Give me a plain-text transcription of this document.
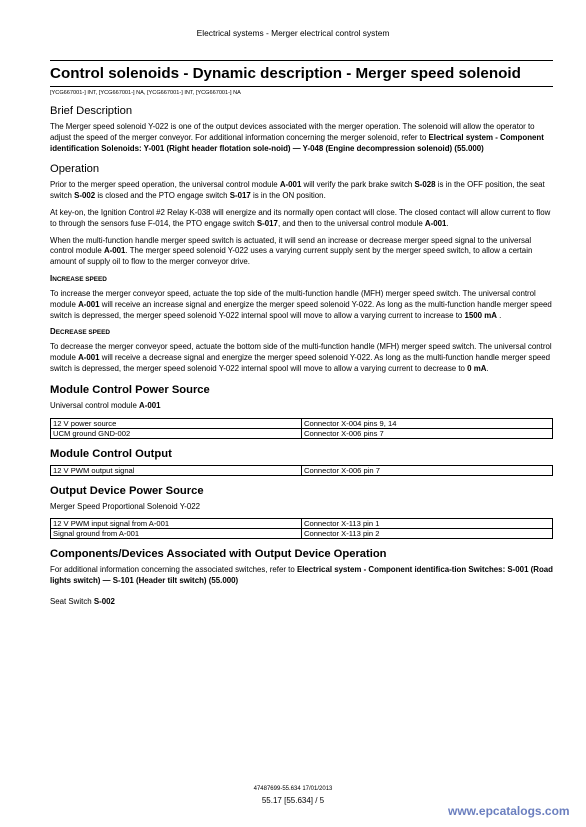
Electrical systems - Merger electrical control system
Control solenoids - Dynamic description - Merger speed solenoid
[YCG667001-] INT, [YCG667001-] NA, [YCG667001-] INT, [YCG667001-] NA
Brief Description

The Merger speed solenoid Y-022 is one of the output devices associated with the merger operation. The solenoid will allow the operator to adjust the speed of the merger conveyor. For additional information concerning the merger solenoid, refer to Electrical system - Component identification Solenoids: Y-001 (Right header flotation sole-noid) — Y-048 (Engine decompression solenoid) (55.000)

Operation

Prior to the merger speed operation, the universal control module A-001 will verify the park brake switch S-028 is in the OFF position, the seat switch S-002 is closed and the PTO engage switch S-017 is in the ON position.

At key-on, the Ignition Control #2 Relay K-038 will energize and its normally open contact will close. The closed contact will allow current to flow to through the sensors fuse F-014, the PTO engage switch S-017, and then to the universal control module A-001.

When the multi-function handle merger speed switch is actuated, it will send an increase or decrease merger speed signal to the universal control module A-001. The merger speed solenoid Y-022 uses a varying current supply sent by the merger speed switch, to allow a certain amount of supply oil to flow to the merger conveyor drive.

INCREASE SPEED

To increase the merger conveyor speed, actuate the top side of the multi-function handle (MFH) merger speed switch. The universal control module A-001 will receive an increase signal and energize the merger speed solenoid Y-022. As long as the multi-function handle merger speed switch is depressed, the merger speed solenoid Y-022 internal spool will move to allow a varying current to increase to 1500 mA .

DECREASE SPEED

To decrease the merger conveyor speed, actuate the bottom side of the multi-function handle (MFH) merger speed switch. The universal control module A-001 will receive a decrease signal and energize the merger speed solenoid Y-022. As long as the multi-function handle merger speed switch is depressed, the merger speed solenoid Y-022 internal spool will move to allow a varying current to decrease to 0 mA.

Module Control Power Source

Universal control module A-001

12 V power source	Connector X-004 pins 9, 14
UCM ground GND-002	Connector X-006 pins 7
Module Control Output
12 V PWM output signal	Connector X-006 pin 7
Output Device Power Source

Merger Speed Proportional Solenoid Y-022

12 V PWM input signal from A-001	Connector X-113 pin 1
Signal ground from A-001	Connector X-113 pin 2
Components/Devices Associated with Output Device Operation

For additional information concerning the associated switches, refer to Electrical system - Component identifica-tion Switches: S-001 (Road lights switch) — S-101 (Header tilt switch) (55.000)

Seat Switch S-002

47487699-55.634 17/01/2013
55.17 [55.634] / 5
www.epcatalogs.com
